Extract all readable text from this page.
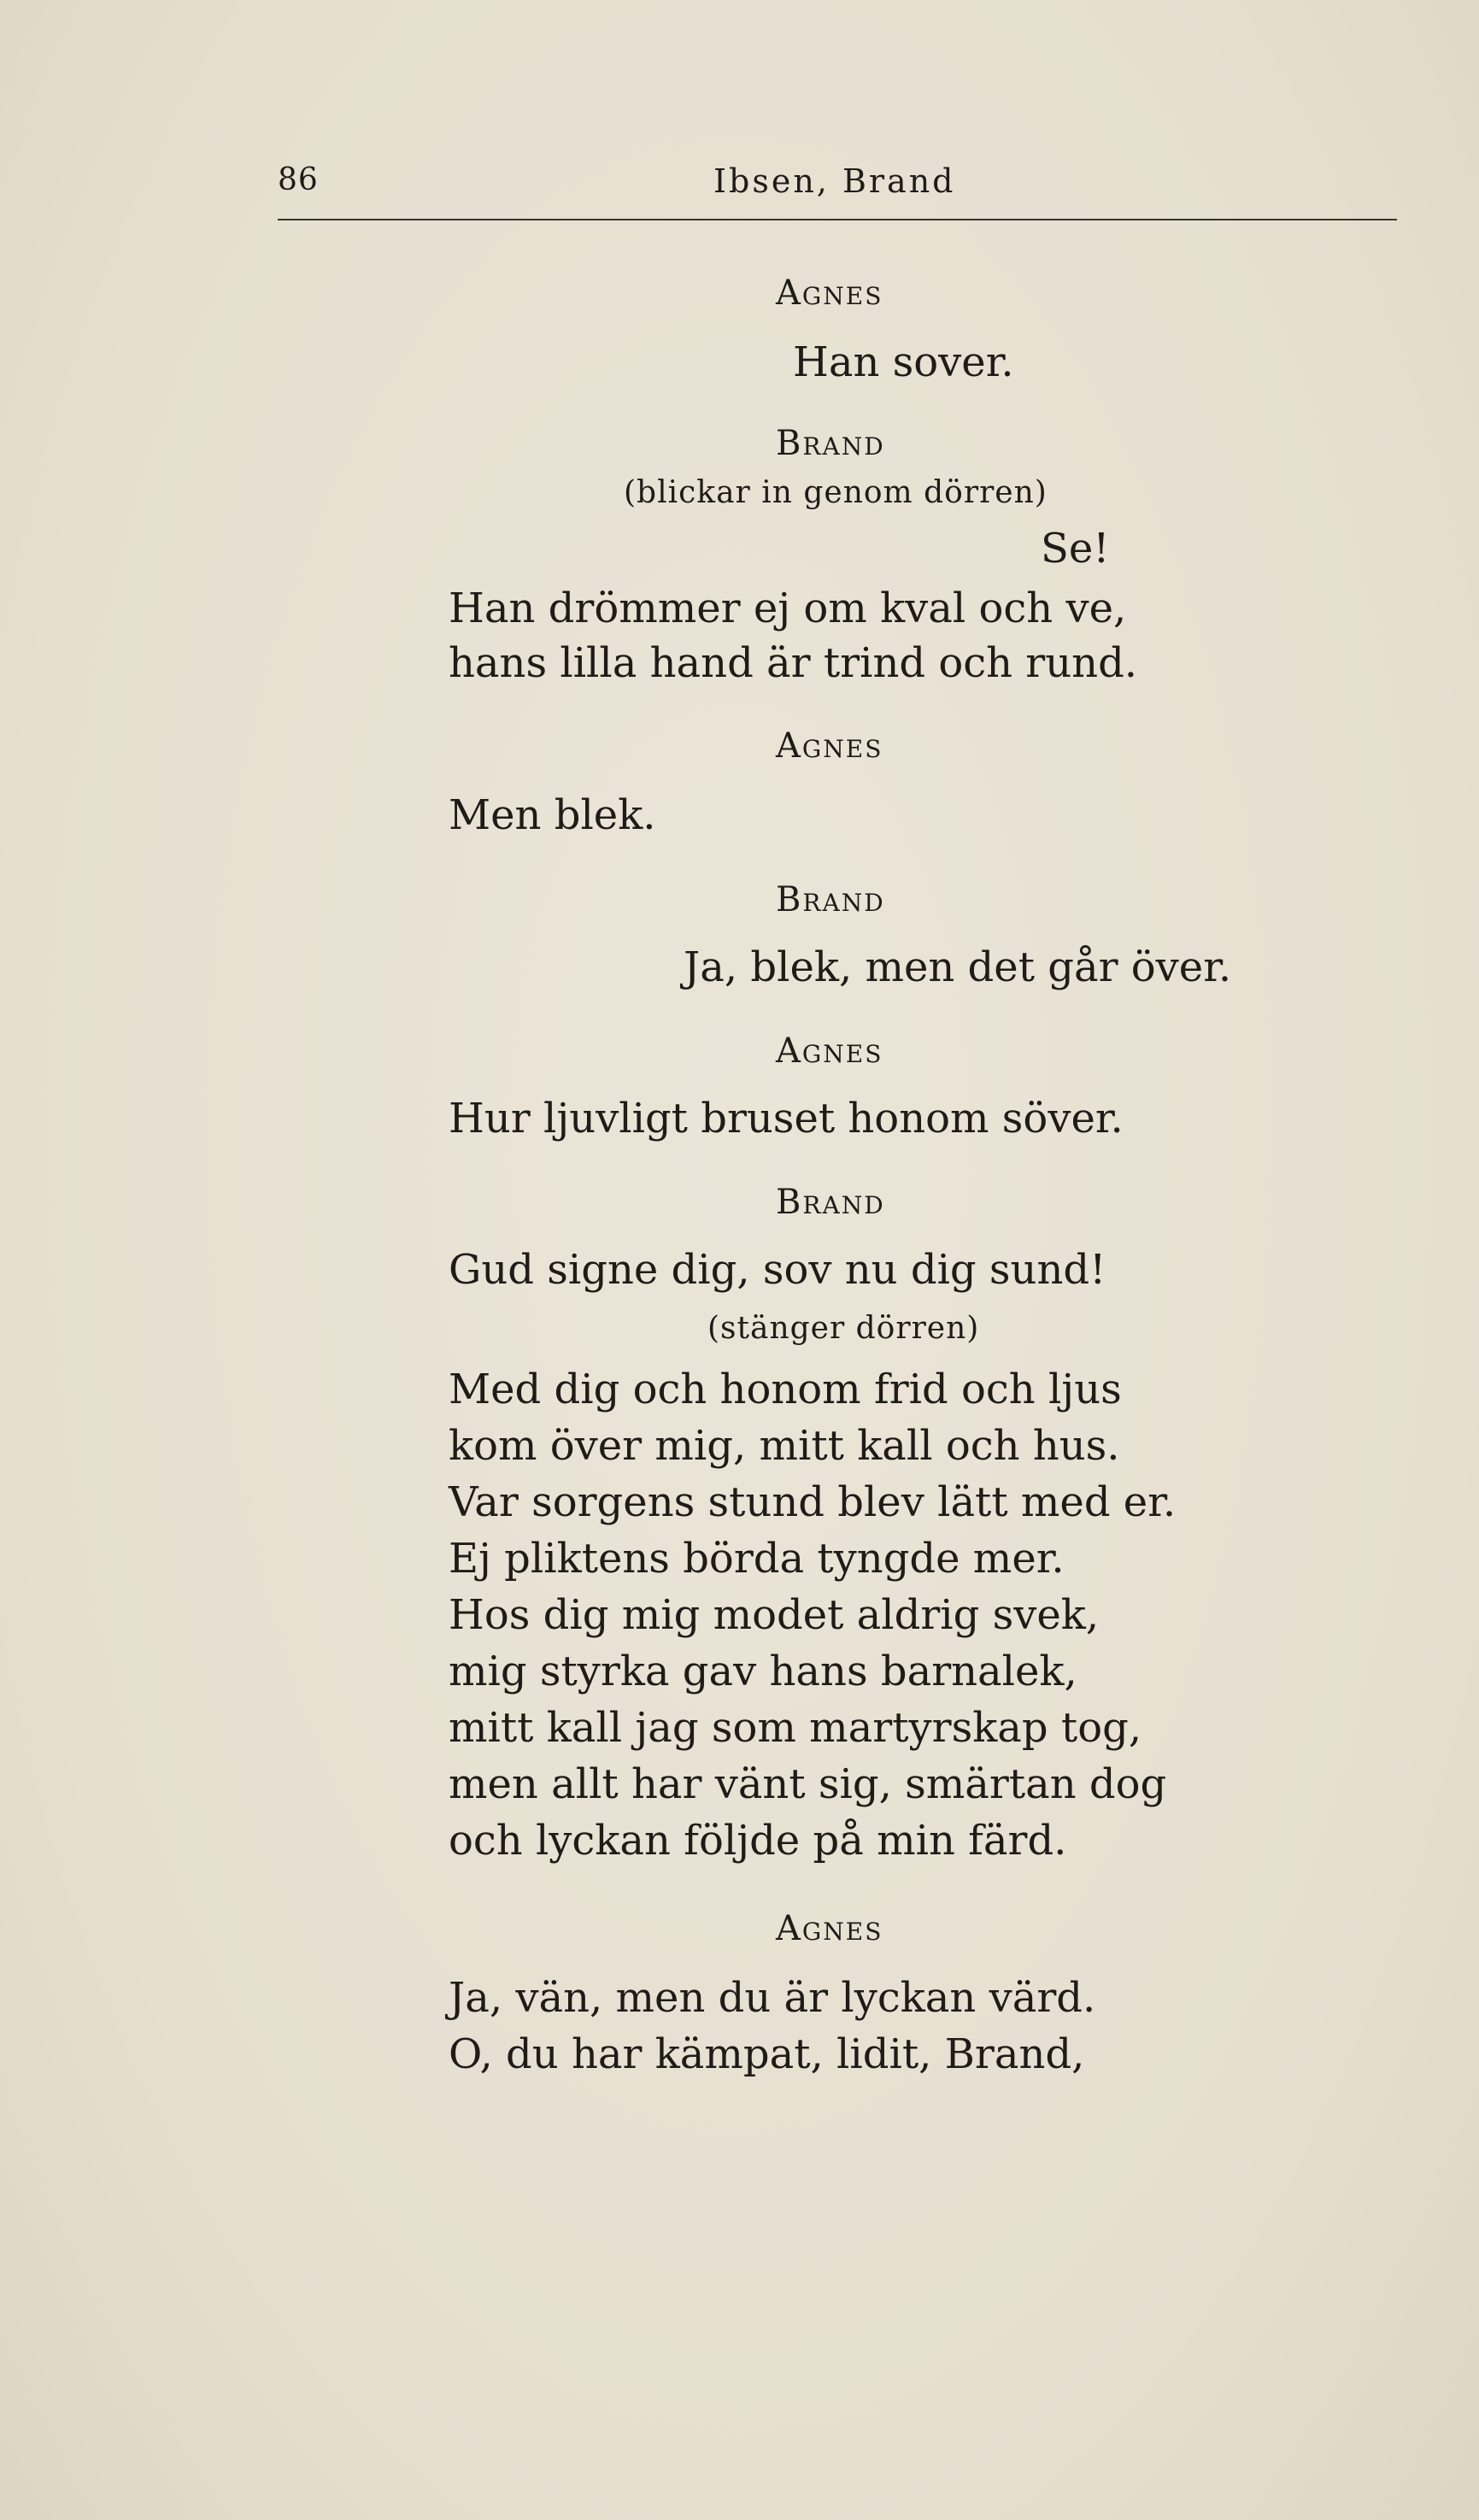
86	Ibsen, Brand
Agnes
Han sover.
Brand
(blickar in genom dörren)
Se!
Han drömmer ej om kval och ve,
hans lilla hand är trind och rund.
Agnes
Men blek.
Brand
Ja, blek, men det går över.
Agnes
Hur ljuvligt bruset honom söver.
Brand
Gud signe dig, sov nu dig sund!
(stänger dörren)
Med dig och honom frid och ljus
kom över mig, mitt kall och hus.
Var sorgens stund blev lätt med er.
Ej pliktens börda tyngde mer.
Hos dig mig modet aldrig svek,
mig styrka gav hans barnalek,
mitt kall jag som martyrskap tog,
men allt har vänt sig, smärtan dog
och lyckan följde på min färd.
Agnes
Ja, vän, men du är lyckan värd.
O, du har kämpat, lidit, Brand,
